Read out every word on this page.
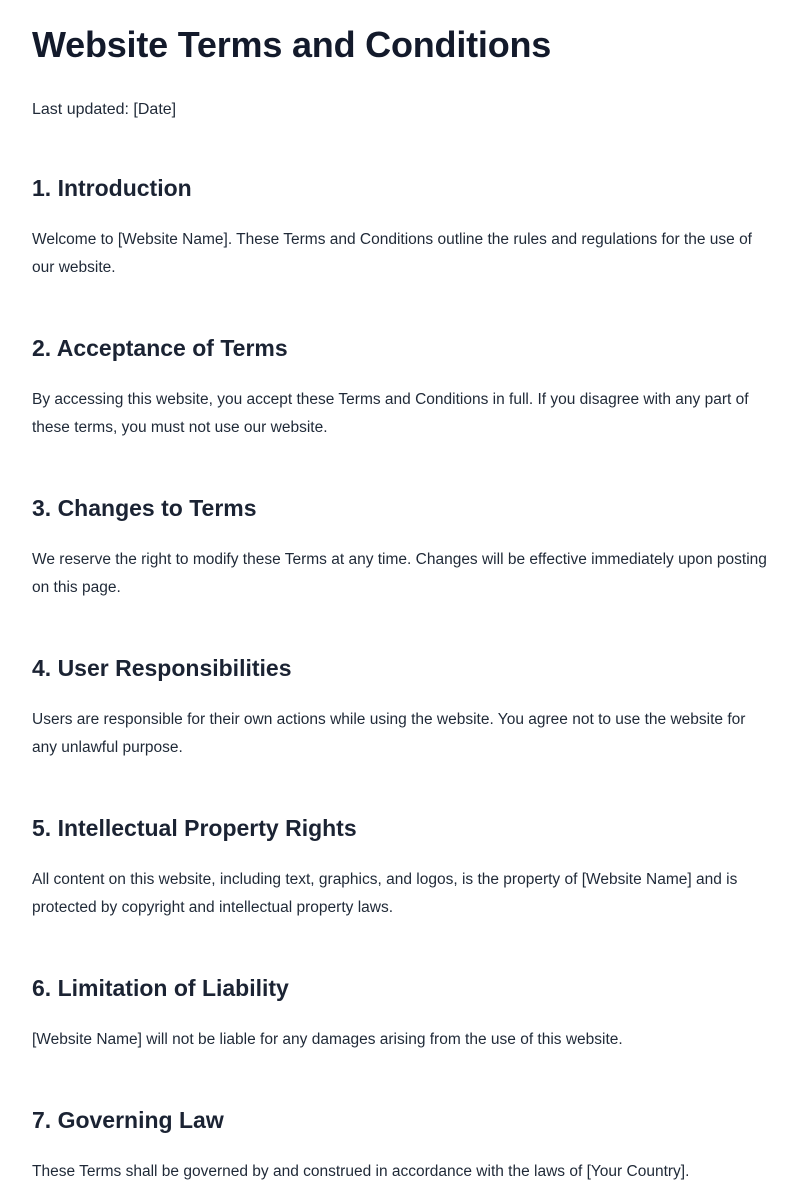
Website Terms and Conditions

Last updated: [Date]

1. Introduction

Welcome to [Website Name]. These Terms and Conditions outline the rules and regulations for the use of our website.

2. Acceptance of Terms

By accessing this website, you accept these Terms and Conditions in full. If you disagree with any part of these terms, you must not use our website.

3. Changes to Terms

We reserve the right to modify these Terms at any time. Changes will be effective immediately upon posting on this page.

4. User Responsibilities

Users are responsible for their own actions while using the website. You agree not to use the website for any unlawful purpose.

5. Intellectual Property Rights

All content on this website, including text, graphics, and logos, is the property of [Website Name] and is protected by copyright and intellectual property laws.

6. Limitation of Liability

[Website Name] will not be liable for any damages arising from the use of this website.

7. Governing Law

These Terms shall be governed by and construed in accordance with the laws of [Your Country].
